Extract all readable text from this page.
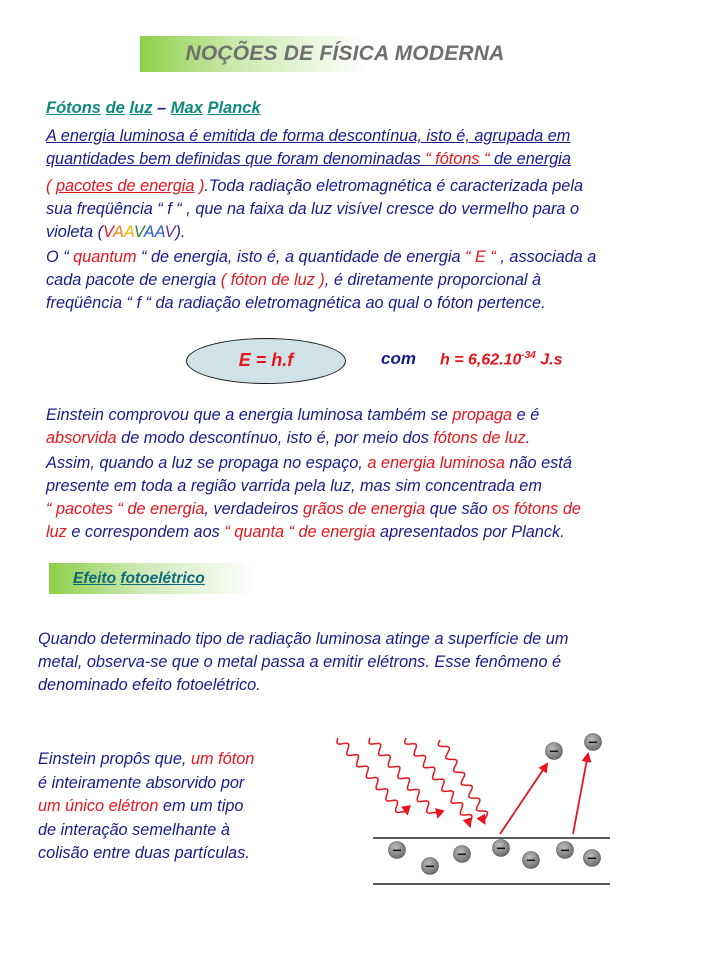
NOÇÕES DE FÍSICA MODERNA
Fótons de luz – Max Planck
A energia luminosa é emitida de forma descontínua, isto é, agrupada em
quantidades bem definidas que foram denominadas “ fótons “ de energia
( pacotes de energia ).Toda radiação eletromagnética é caracterizada pela
sua freqüência “ f “ , que na faixa da luz visível cresce do vermelho para o
violeta (VAAVAAV).
O “ quantum “ de energia, isto é, a quantidade de energia “ E “ , associada a
cada pacote de energia ( fóton de luz ), é diretamente proporcional à
freqüência “ f “ da radiação eletromagnética ao qual o fóton pertence.
E = h.f	com $h = 6,62.10^{-34}$ J.s
Einstein comprovou que a energia luminosa também se propaga e é
absorvida de modo descontínuo, isto é, por meio dos fótons de luz.
Assim, quando a luz se propaga no espaço, a energia luminosa não está
presente em toda a região varrida pela luz, mas sim concentrada em
“ pacotes “ de energia, verdadeiros grãos de energia que são os fótons de
luz e correspondem aos “ quanta “ de energia apresentados por Planck.
Efeito fotoelétrico
Quando determinado tipo de radiação luminosa atinge a superfície de um
metal, observa-se que o metal passa a emitir elétrons. Esse fenômeno é
denominado efeito fotoelétrico.
Einstein propôs que, um fóton
é inteiramente absorvido por
um único elétron em um tipo
de interação semelhante à
colisão entre duas partículas.	−
−
− −
−
−
−
−
−
